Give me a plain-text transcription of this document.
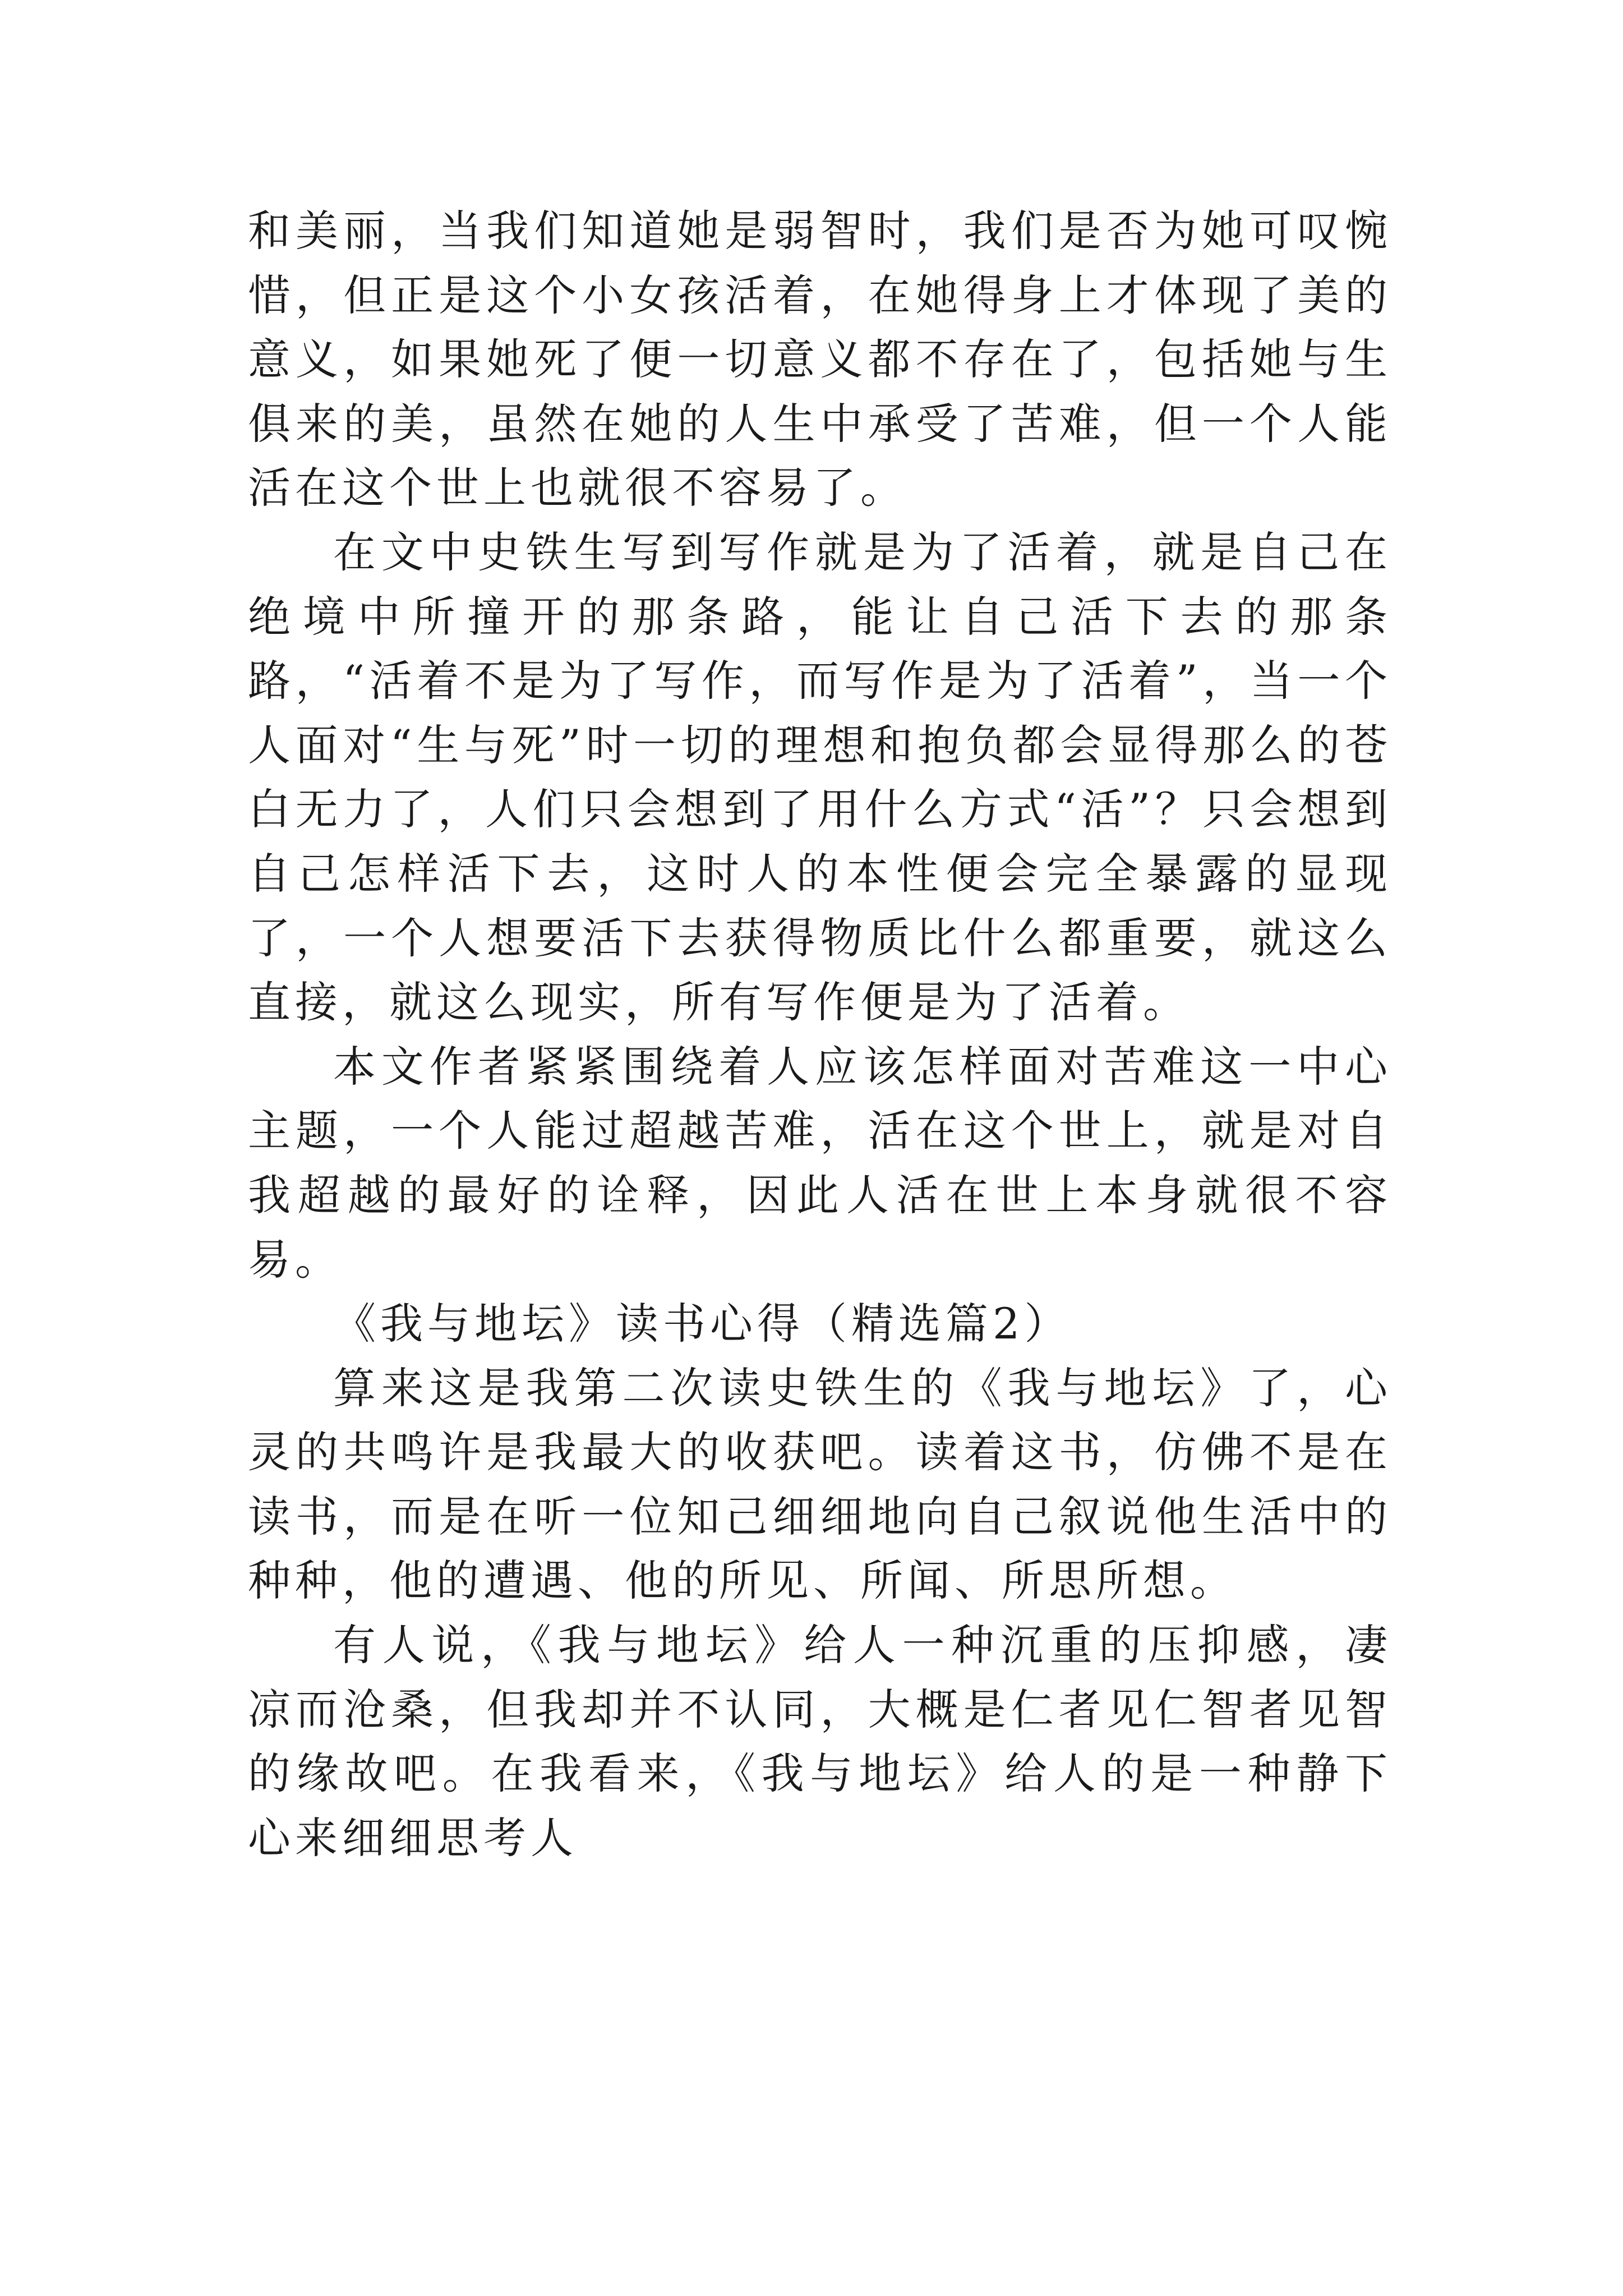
和美丽，当我们知道她是弱智时，我们是否为她可叹惋惜，但正是这个小女孩活着，在她得身上才体现了美的意义，如果她死了便一切意义都不存在了，包括她与生俱来的美，虽然在她的人生中承受了苦难，但一个人能活在这个世上也就很不容易了。

在文中史铁生写到写作就是为了活着，就是自己在绝境中所撞开的那条路，能让自己活下去的那条路，“活着不是为了写作，而写作是为了活着”，当一个人面对“生与死”时一切的理想和抱负都会显得那么的苍白无力了，人们只会想到了用什么方式“活”？只会想到自己怎样活下去，这时人的本性便会完全暴露的显现了，一个人想要活下去获得物质比什么都重要，就这么直接，就这么现实，所有写作便是为了活着。

本文作者紧紧围绕着人应该怎样面对苦难这一中心主题，一个人能过超越苦难，活在这个世上，就是对自我超越的最好的诠释，因此人活在世上本身就很不容易。

《我与地坛》读书心得（精选篇2）

算来这是我第二次读史铁生的《我与地坛》了，心灵的共鸣许是我最大的收获吧。读着这书，仿佛不是在读书，而是在听一位知己细细地向自己叙说他生活中的种种，他的遭遇、他的所见、所闻、所思所想。

有人说，《我与地坛》给人一种沉重的压抑感，凄凉而沧桑，但我却并不认同，大概是仁者见仁智者见智的缘故吧。在我看来，《我与地坛》给人的是一种静下心来细细思考人
